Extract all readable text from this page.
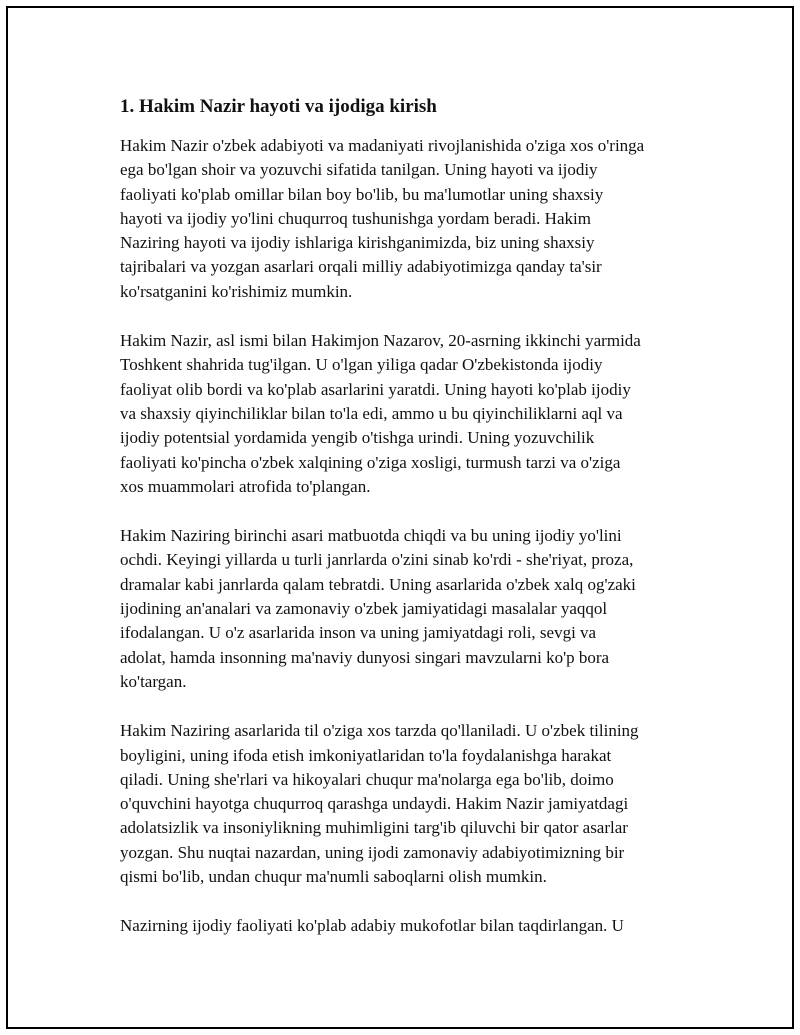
1. Hakim Nazir hayoti va ijodiga kirish

Hakim Nazir o'zbek adabiyoti va madaniyati rivojlanishida o'ziga xos o'ringa
ega bo'lgan shoir va yozuvchi sifatida tanilgan. Uning hayoti va ijodiy
faoliyati ko'plab omillar bilan boy bo'lib, bu ma'lumotlar uning shaxsiy
hayoti va ijodiy yo'lini chuqurroq tushunishga yordam beradi. Hakim
Naziring hayoti va ijodiy ishlariga kirishganimizda, biz uning shaxsiy
tajribalari va yozgan asarlari orqali milliy adabiyotimizga qanday ta'sir
ko'rsatganini ko'rishimiz mumkin.

Hakim Nazir, asl ismi bilan Hakimjon Nazarov, 20-asrning ikkinchi yarmida
Toshkent shahrida tug'ilgan. U o'lgan yiliga qadar O'zbekistonda ijodiy
faoliyat olib bordi va ko'plab asarlarini yaratdi. Uning hayoti ko'plab ijodiy
va shaxsiy qiyinchiliklar bilan to'la edi, ammo u bu qiyinchiliklarni aql va
ijodiy potentsial yordamida yengib o'tishga urindi. Uning yozuvchilik
faoliyati ko'pincha o'zbek xalqining o'ziga xosligi, turmush tarzi va o'ziga
xos muammolari atrofida to'plangan.

Hakim Naziring birinchi asari matbuotda chiqdi va bu uning ijodiy yo'lini
ochdi. Keyingi yillarda u turli janrlarda o'zini sinab ko'rdi - she'riyat, proza,
dramalar kabi janrlarda qalam tebratdi. Uning asarlarida o'zbek xalq og'zaki
ijodining an'analari va zamonaviy o'zbek jamiyatidagi masalalar yaqqol
ifodalangan. U o'z asarlarida inson va uning jamiyatdagi roli, sevgi va
adolat, hamda insonning ma'naviy dunyosi singari mavzularni ko'p bora
ko'targan.

Hakim Naziring asarlarida til o'ziga xos tarzda qo'llaniladi. U o'zbek tilining
boyligini, uning ifoda etish imkoniyatlaridan to'la foydalanishga harakat
qiladi. Uning she'rlari va hikoyalari chuqur ma'nolarga ega bo'lib, doimo
o'quvchini hayotga chuqurroq qarashga undaydi. Hakim Nazir jamiyatdagi
adolatsizlik va insoniylikning muhimligini targ'ib qiluvchi bir qator asarlar
yozgan. Shu nuqtai nazardan, uning ijodi zamonaviy adabiyotimizning bir
qismi bo'lib, undan chuqur ma'numli saboqlarni olish mumkin.

Nazirning ijodiy faoliyati ko'plab adabiy mukofotlar bilan taqdirlangan. U
